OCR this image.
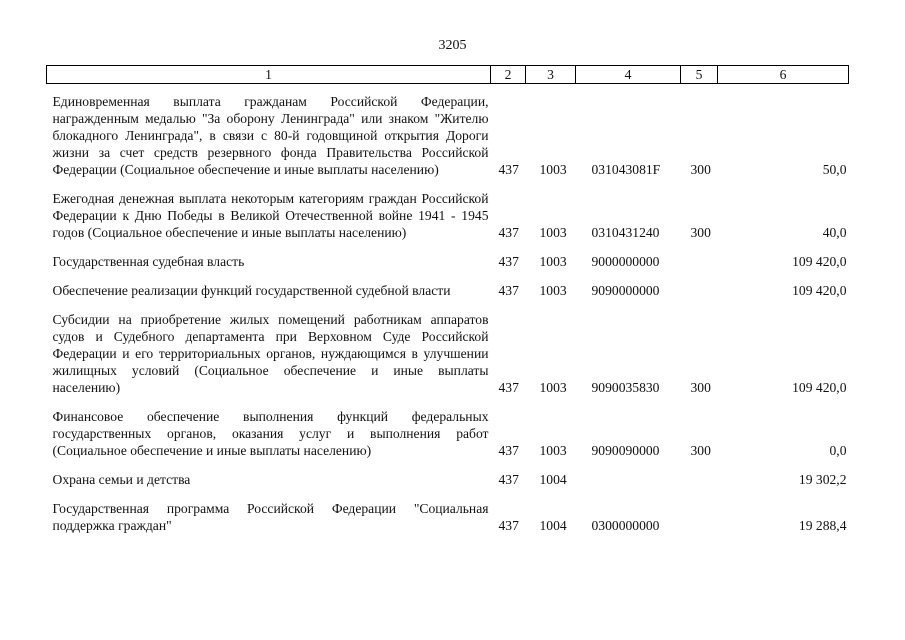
3205
1	2	3	4	5	6
Единовременная выплата гражданам Российской Федерации, награжденным медалью "За оборону Ленинграда" или знаком "Жителю блокадного Ленинграда", в связи с 80-й годовщиной открытия Дороги жизни за счет средств резервного фонда Правительства Российской Федерации (Социальное обеспечение и иные выплаты населению)	437	1003	031043081F	300	50,0
Ежегодная денежная выплата некоторым категориям граждан Российской Федерации к Дню Победы в Великой Отечественной войне 1941 - 1945 годов (Социальное обеспечение и иные выплаты населению)	437	1003	0310431240	300	40,0
Государственная судебная власть	437	1003	9000000000		109 420,0
Обеспечение реализации функций государственной судебной власти	437	1003	9090000000		109 420,0
Субсидии на приобретение жилых помещений работникам аппаратов судов и Судебного департамента при Верховном Суде Российской Федерации и его территориальных органов, нуждающимся в улучшении жилищных условий (Социальное обеспечение и иные выплаты населению)	437	1003	9090035830	300	109 420,0
Финансовое обеспечение выполнения функций федеральных государственных органов, оказания услуг и выполнения работ (Социальное обеспечение и иные выплаты населению)	437	1003	9090090000	300	0,0
Охрана семьи и детства	437	1004			19 302,2
Государственная программа Российской Федерации "Социальная поддержка граждан"	437	1004	0300000000		19 288,4
